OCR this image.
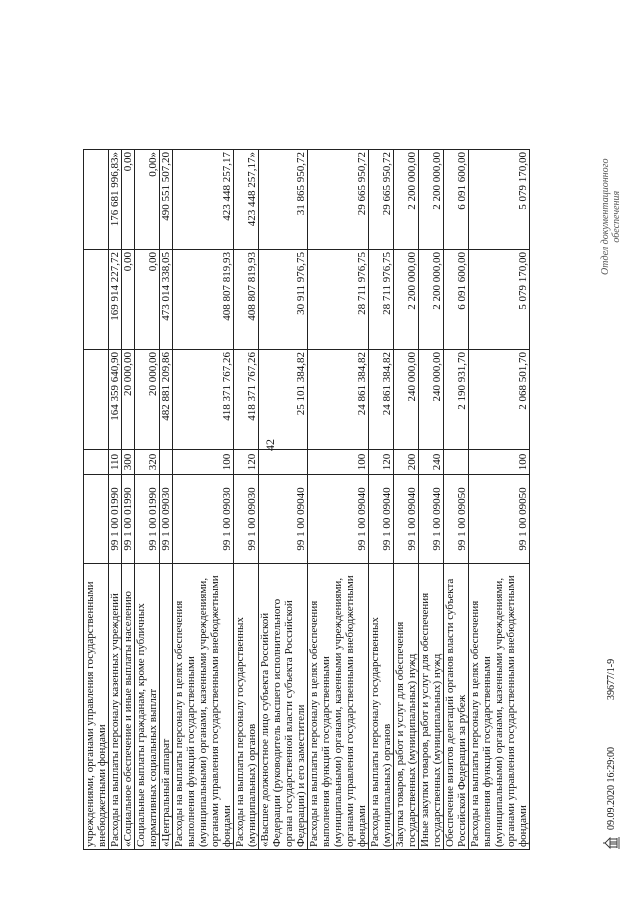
42
учреждениями, органами управления государственными внебюджетными фондами					
Расходы на выплаты персоналу казенных учреждений	99 1 00 01990	110	164 359 640,90	169 914 227,72	176 681 996,83»
«Социальное обеспечение и иные выплаты населению	99 1 00 01990	300	20 000,00	0,00	0,00
Социальные выплаты гражданам, кроме публичных нормативных социальных выплат	99 1 00 01990	320	20 000,00	0,00	0,00»
«Центральный аппарат	99 1 00 09030		482 881 209,86	473 014 338,05	490 551 507,20
Расходы на выплаты персоналу в целях обеспечения выполнения функций государственными (муниципальными) органами, казенными учреждениями, органами управления государственными внебюджетными фондами	99 1 00 09030	100	418 371 767,26	408 807 819,93	423 448 257,17
Расходы на выплаты персоналу государственных (муниципальных) органов	99 1 00 09030	120	418 371 767,26	408 807 819,93	423 448 257,17»
«Высшее должностное лицо субъекта Российской Федерации (руководитель высшего исполнительного органа государственной власти субъекта Российской Федерации) и его заместители	99 1 00 09040		25 101 384,82	30 911 976,75	31 865 950,72
Расходы на выплаты персоналу в целях обеспечения выполнения функций государственными (муниципальными) органами, казенными учреждениями, органами управления государственными внебюджетными фондами	99 1 00 09040	100	24 861 384,82	28 711 976,75	29 665 950,72
Расходы на выплаты персоналу государственных (муниципальных) органов	99 1 00 09040	120	24 861 384,82	28 711 976,75	29 665 950,72
Закупка товаров, работ и услуг для обеспечения государственных (муниципальных) нужд	99 1 00 09040	200	240 000,00	2 200 000,00	2 200 000,00
Иные закупки товаров, работ и услуг для обеспечения государственных (муниципальных) нужд	99 1 00 09040	240	240 000,00	2 200 000,00	2 200 000,00
Обеспечение визитов делегаций органов власти субъекта Российской Федерации за рубеж	99 1 00 09050		2 190 931,70	6 091 600,00	6 091 600,00
Расходы на выплаты персоналу в целях обеспечения выполнения функций государственными (муниципальными) органами, казенными учреждениями, органами управления государственными внебюджетными фондами	99 1 00 09050	100	2 068 501,70	5 079 170,00	5 079 170,00
09.09.2020 16:29:00
39677/1-9
Отдел документационного обеспечения
